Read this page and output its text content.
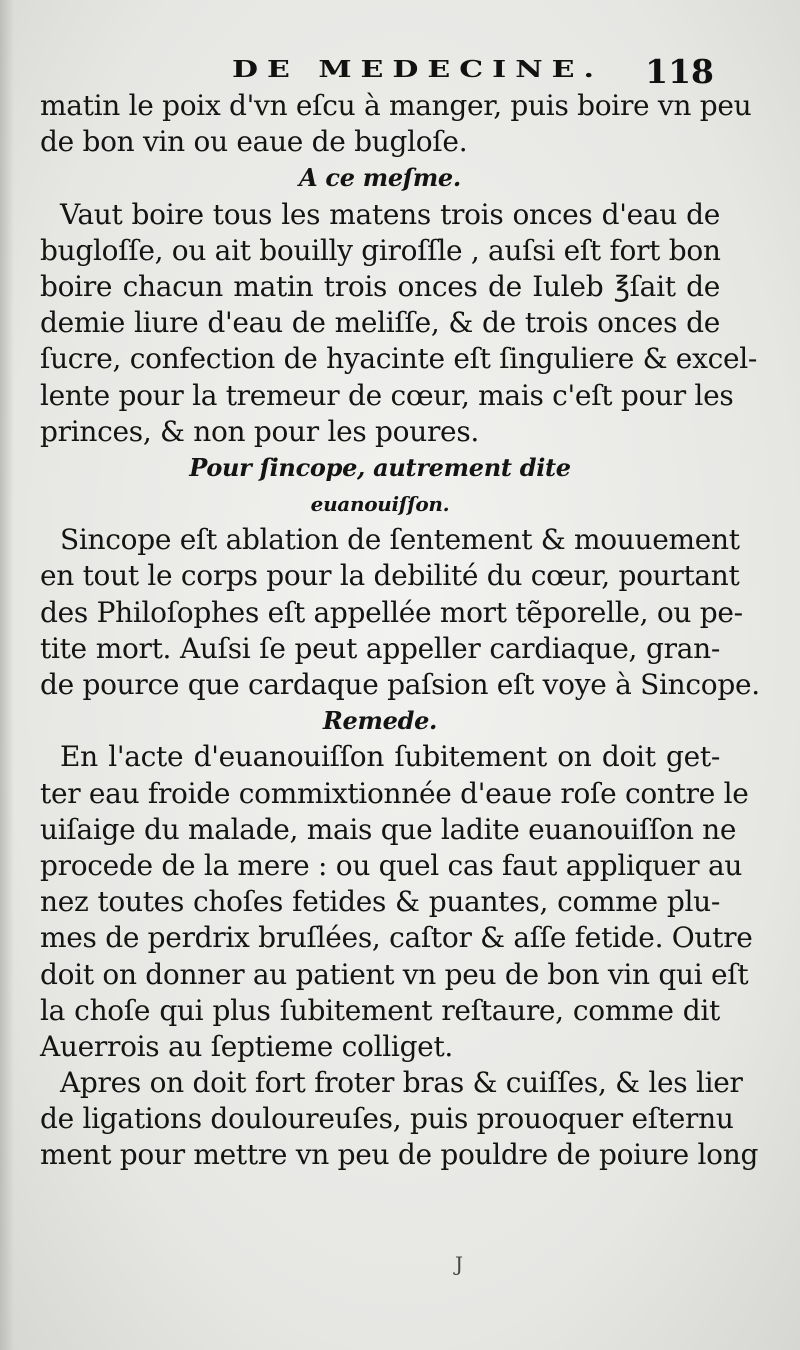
DE MEDECINE. 118
matin le poix d'vn eſcu à manger, puis boire vn peu
de bon vin ou eaue de bugloſe.
A ce meſme.
Vaut boire tous les matens trois onces d'eau de
bugloſſe, ou ait bouilly giroſſle , auſsi eſt fort bon
boire chacun matin trois onces de Iuleb ℥ſait de
demie liure d'eau de meliſſe, & de trois onces de
ſucre, confection de hyacinte eſt ſinguliere & excel-
lente pour la tremeur de cœur, mais c'eſt pour les
princes, & non pour les poures.
Pour ſincope, autrement dite
euanouiſſon.
Sincope eſt ablation de ſentement & mouuement
en tout le corps pour la debilité du cœur, pourtant
des Philoſophes eſt appellée mort tẽporelle, ou pe-
tite mort. Auſsi ſe peut appeller cardiaque, gran-
de pource que cardaque paſsion eſt voye à Sincope.
Remede.
En l'acte d'euanouiſſon ſubitement on doit get-
ter eau froide commixtionnée d'eaue roſe contre le
uiſaige du malade, mais que ladite euanouiſſon ne
procede de la mere : ou quel cas faut appliquer au
nez toutes choſes fetides & puantes, comme plu-
mes de perdrix bruſlées, caſtor & aſſe fetide. Outre
doit on donner au patient vn peu de bon vin qui eſt
la choſe qui plus ſubitement reſtaure, comme dit
Auerrois au ſeptieme colliget.
Apres on doit fort froter bras & cuiſſes, & les lier
de ligations douloureuſes, puis prouoquer eſternu
ment pour mettre vn peu de pouldre de poiure long
J
